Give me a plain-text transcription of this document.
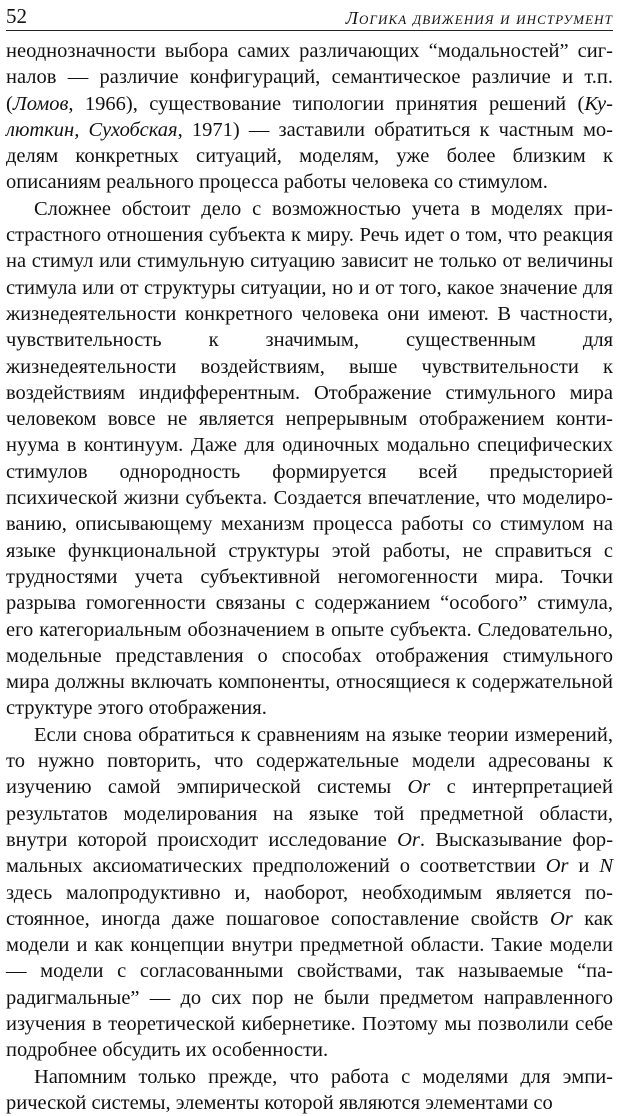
52	Логика движения и инструмент

неоднозначности выбора самих различающих “модальностей” сигналов — различие конфигураций, семантическое различие и т.п. (Ломов, 1966), существование типологии принятия решений (Кулюткин, Сухобская, 1971) — заставили обратиться к частным моделям конкретных ситуаций, моделям, уже более близким к описаниям реального процесса работы человека со стимулом.

Сложнее обстоит дело с возможностью учета в моделях пристрастного отношения субъекта к миру. Речь идет о том, что реакция на стимул или стимульную ситуацию зависит не только от величины стимула или от структуры ситуации, но и от того, какое значение для жизнедеятельности конкретного человека они имеют. В частности, чувствительность к значимым, существенным для жизнедеятельности воздействиям, выше чувствительности к воздействиям индифферентным. Отображение стимульного мира человеком вовсе не является непрерывным отображением континуума в континуум. Даже для одиночных модально специфических стимулов однородность формируется всей предысторией психической жизни субъекта. Создается впечатление, что моделированию, описывающему механизм процесса работы со стимулом на языке функциональной структуры этой работы, не справиться с трудностями учета субъективной негомогенности мира. Точки разрыва гомогенности связаны с содержанием “особого” стимула, его категориальным обозначением в опыте субъекта. Следовательно, модельные представления о способах отображения стимульного мира должны включать компоненты, относящиеся к содержательной структуре этого отображения.

Если снова обратиться к сравнениям на языке теории измерений, то нужно повторить, что содержательные модели адресованы к изучению самой эмпирической системы Or с интерпретацией результатов моделирования на языке той предметной области, внутри которой происходит исследование Or. Высказывание формальных аксиоматических предположений о соответствии Or и N здесь малопродуктивно и, наоборот, необходимым является постоянное, иногда даже пошаговое сопоставление свойств Or как модели и как концепции внутри предметной области. Такие модели — модели с согласованными свойствами, так называемые “парадигмальные” — до сих пор не были предметом направленного изучения в теоретической кибернетике. Поэтому мы позволили себе подробнее обсудить их особенности.

Напомним только прежде, что работа с моделями для эмпирической системы, элементы которой являются элементами со
